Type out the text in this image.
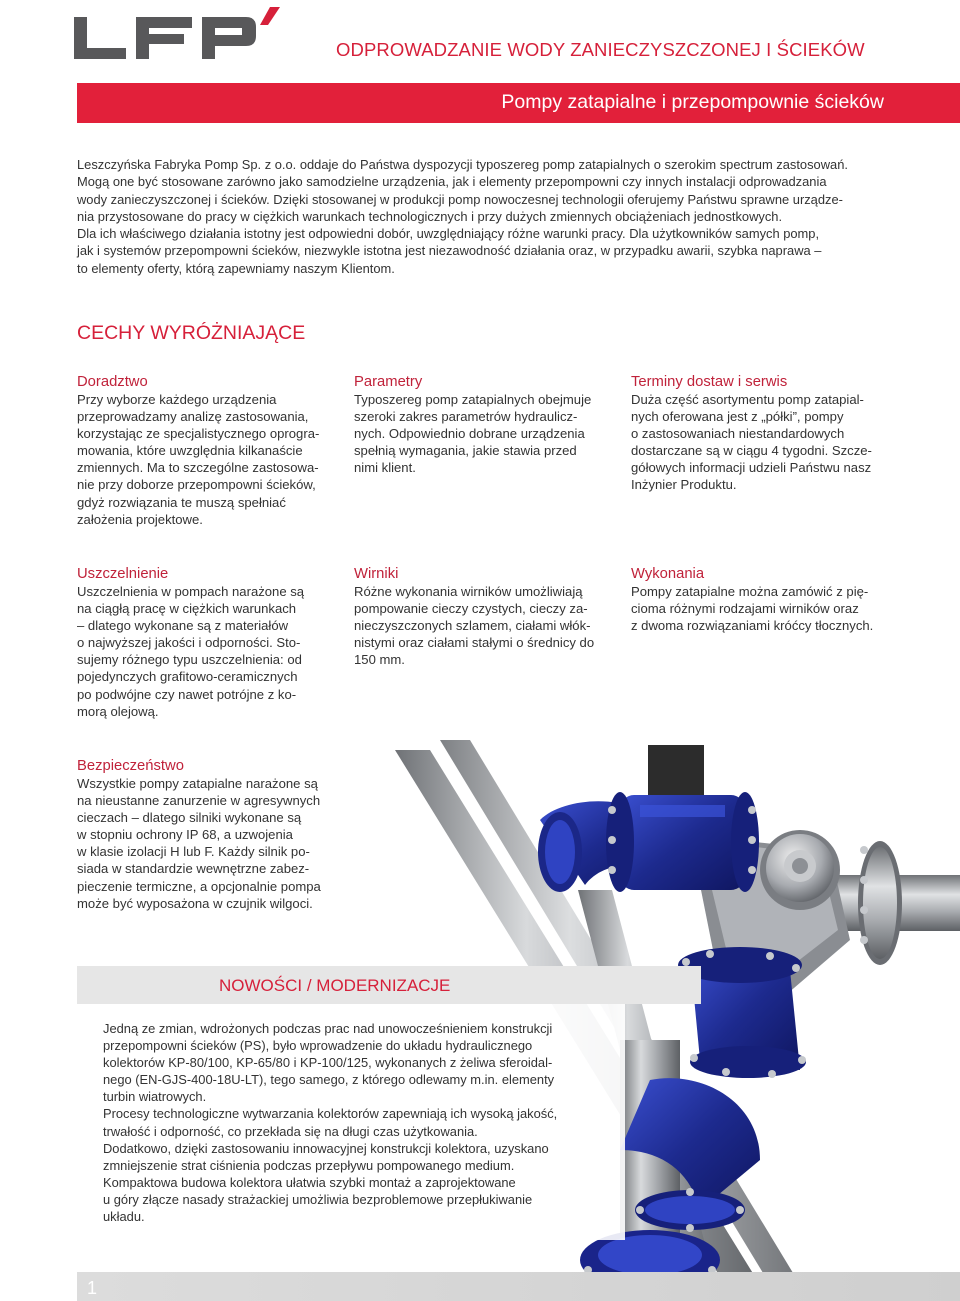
ODPROWADZANIE WODY ZANIECZYSZCZONEJ I ŚCIEKÓW
Pompy zatapialne i przepompownie ścieków

Leszczyńska Fabryka Pomp Sp. z o.o. oddaje do Państwa dyspozycji typoszereg pomp zatapialnych o szerokim spectrum zastosowań.

Mogą one być stosowane zarówno jako samodzielne urządzenia, jak i elementy przepompowni czy innych instalacji odprowadzania

wody zanieczyszczonej i ścieków. Dzięki stosowanej w produkcji pomp nowoczesnej technologii oferujemy Państwu sprawne urządze-

nia przystosowane do pracy w ciężkich warunkach technologicznych i przy dużych zmiennych obciążeniach jednostkowych.

Dla ich właściwego działania istotny jest odpowiedni dobór, uwzględniający różne warunki pracy. Dla użytkowników samych pomp,

jak i systemów przepompowni ścieków, niezwykle istotna jest niezawodność działania oraz, w przypadku awarii, szybka naprawa –

to elementy oferty, którą zapewniamy naszym Klientom.

CECHY WYRÓŻNIAJĄCE
Doradztwo

Przy wyborze każdego urządzenia

przeprowadzamy analizę zastosowania,

korzystając ze specjalistycznego oprogra-

mowania, które uwzględnia kilkanaście

zmiennych. Ma to szczególne zastosowa-

nie przy doborze przepompowni ścieków,

gdyż rozwiązania te muszą spełniać

założenia projektowe.

Parametry

Typoszereg pomp zatapialnych obejmuje

szeroki zakres parametrów hydraulicz-

nych. Odpowiednio dobrane urządzenia

spełnią wymagania, jakie stawia przed

nimi klient.

Terminy dostaw i serwis

Duża część asortymentu pomp zatapial-

nych oferowana jest z „półki”, pompy

o zastosowaniach niestandardowych

dostarczane są w ciągu 4 tygodni. Szcze-

gółowych informacji udzieli Państwu nasz

Inżynier Produktu.

Uszczelnienie

Uszczelnienia w pompach narażone są

na ciągłą pracę w ciężkich warunkach

– dlatego wykonane są z materiałów

o najwyższej jakości i odporności. Sto-

sujemy różnego typu uszczelnienia: od

pojedynczych grafitowo-ceramicznych

po podwójne czy nawet potrójne z ko-

morą olejową.

Wirniki

Różne wykonania wirników umożliwiają

pompowanie cieczy czystych, cieczy za-

nieczyszczonych szlamem, ciałami włók-

nistymi oraz ciałami stałymi o średnicy do

150 mm.

Wykonania

Pompy zatapialne można zamówić z pię-

cioma różnymi rodzajami wirników oraz

z dwoma rozwiązaniami króćcy tłocznych.

Bezpieczeństwo

Wszystkie pompy zatapialne narażone są

na nieustanne zanurzenie w agresywnych

cieczach – dlatego silniki wykonane są

w stopniu ochrony IP 68, a uzwojenia

w klasie izolacji H lub F. Każdy silnik po-

siada w standardzie wewnętrzne zabez-

pieczenie termiczne, a opcjonalnie pompa

może być wyposażona w czujnik wilgoci.

NOWOŚCI / MODERNIZACJE

Jedną ze zmian, wdrożonych podczas prac nad unowocześnieniem konstrukcji

przepompowni ścieków (PS), było wprowadzenie do układu hydraulicznego

kolektorów KP-80/100, KP-65/80 i KP-100/125, wykonanych z żeliwa sferoidal-

nego (EN-GJS-400-18U-LT), tego samego, z którego odlewamy m.in. elementy

turbin wiatrowych.

Procesy technologiczne wytwarzania kolektorów zapewniają ich wysoką jakość,

trwałość i odporność, co przekłada się na długi czas użytkowania.

Dodatkowo, dzięki zastosowaniu innowacyjnej konstrukcji kolektora, uzyskano

zmniejszenie strat ciśnienia podczas przepływu pompowanego medium.

Kompaktowa budowa kolektora ułatwia szybki montaż a zaprojektowane

u góry złącze nasady strażackiej umożliwia bezproblemowe przepłukiwanie

układu.

1
